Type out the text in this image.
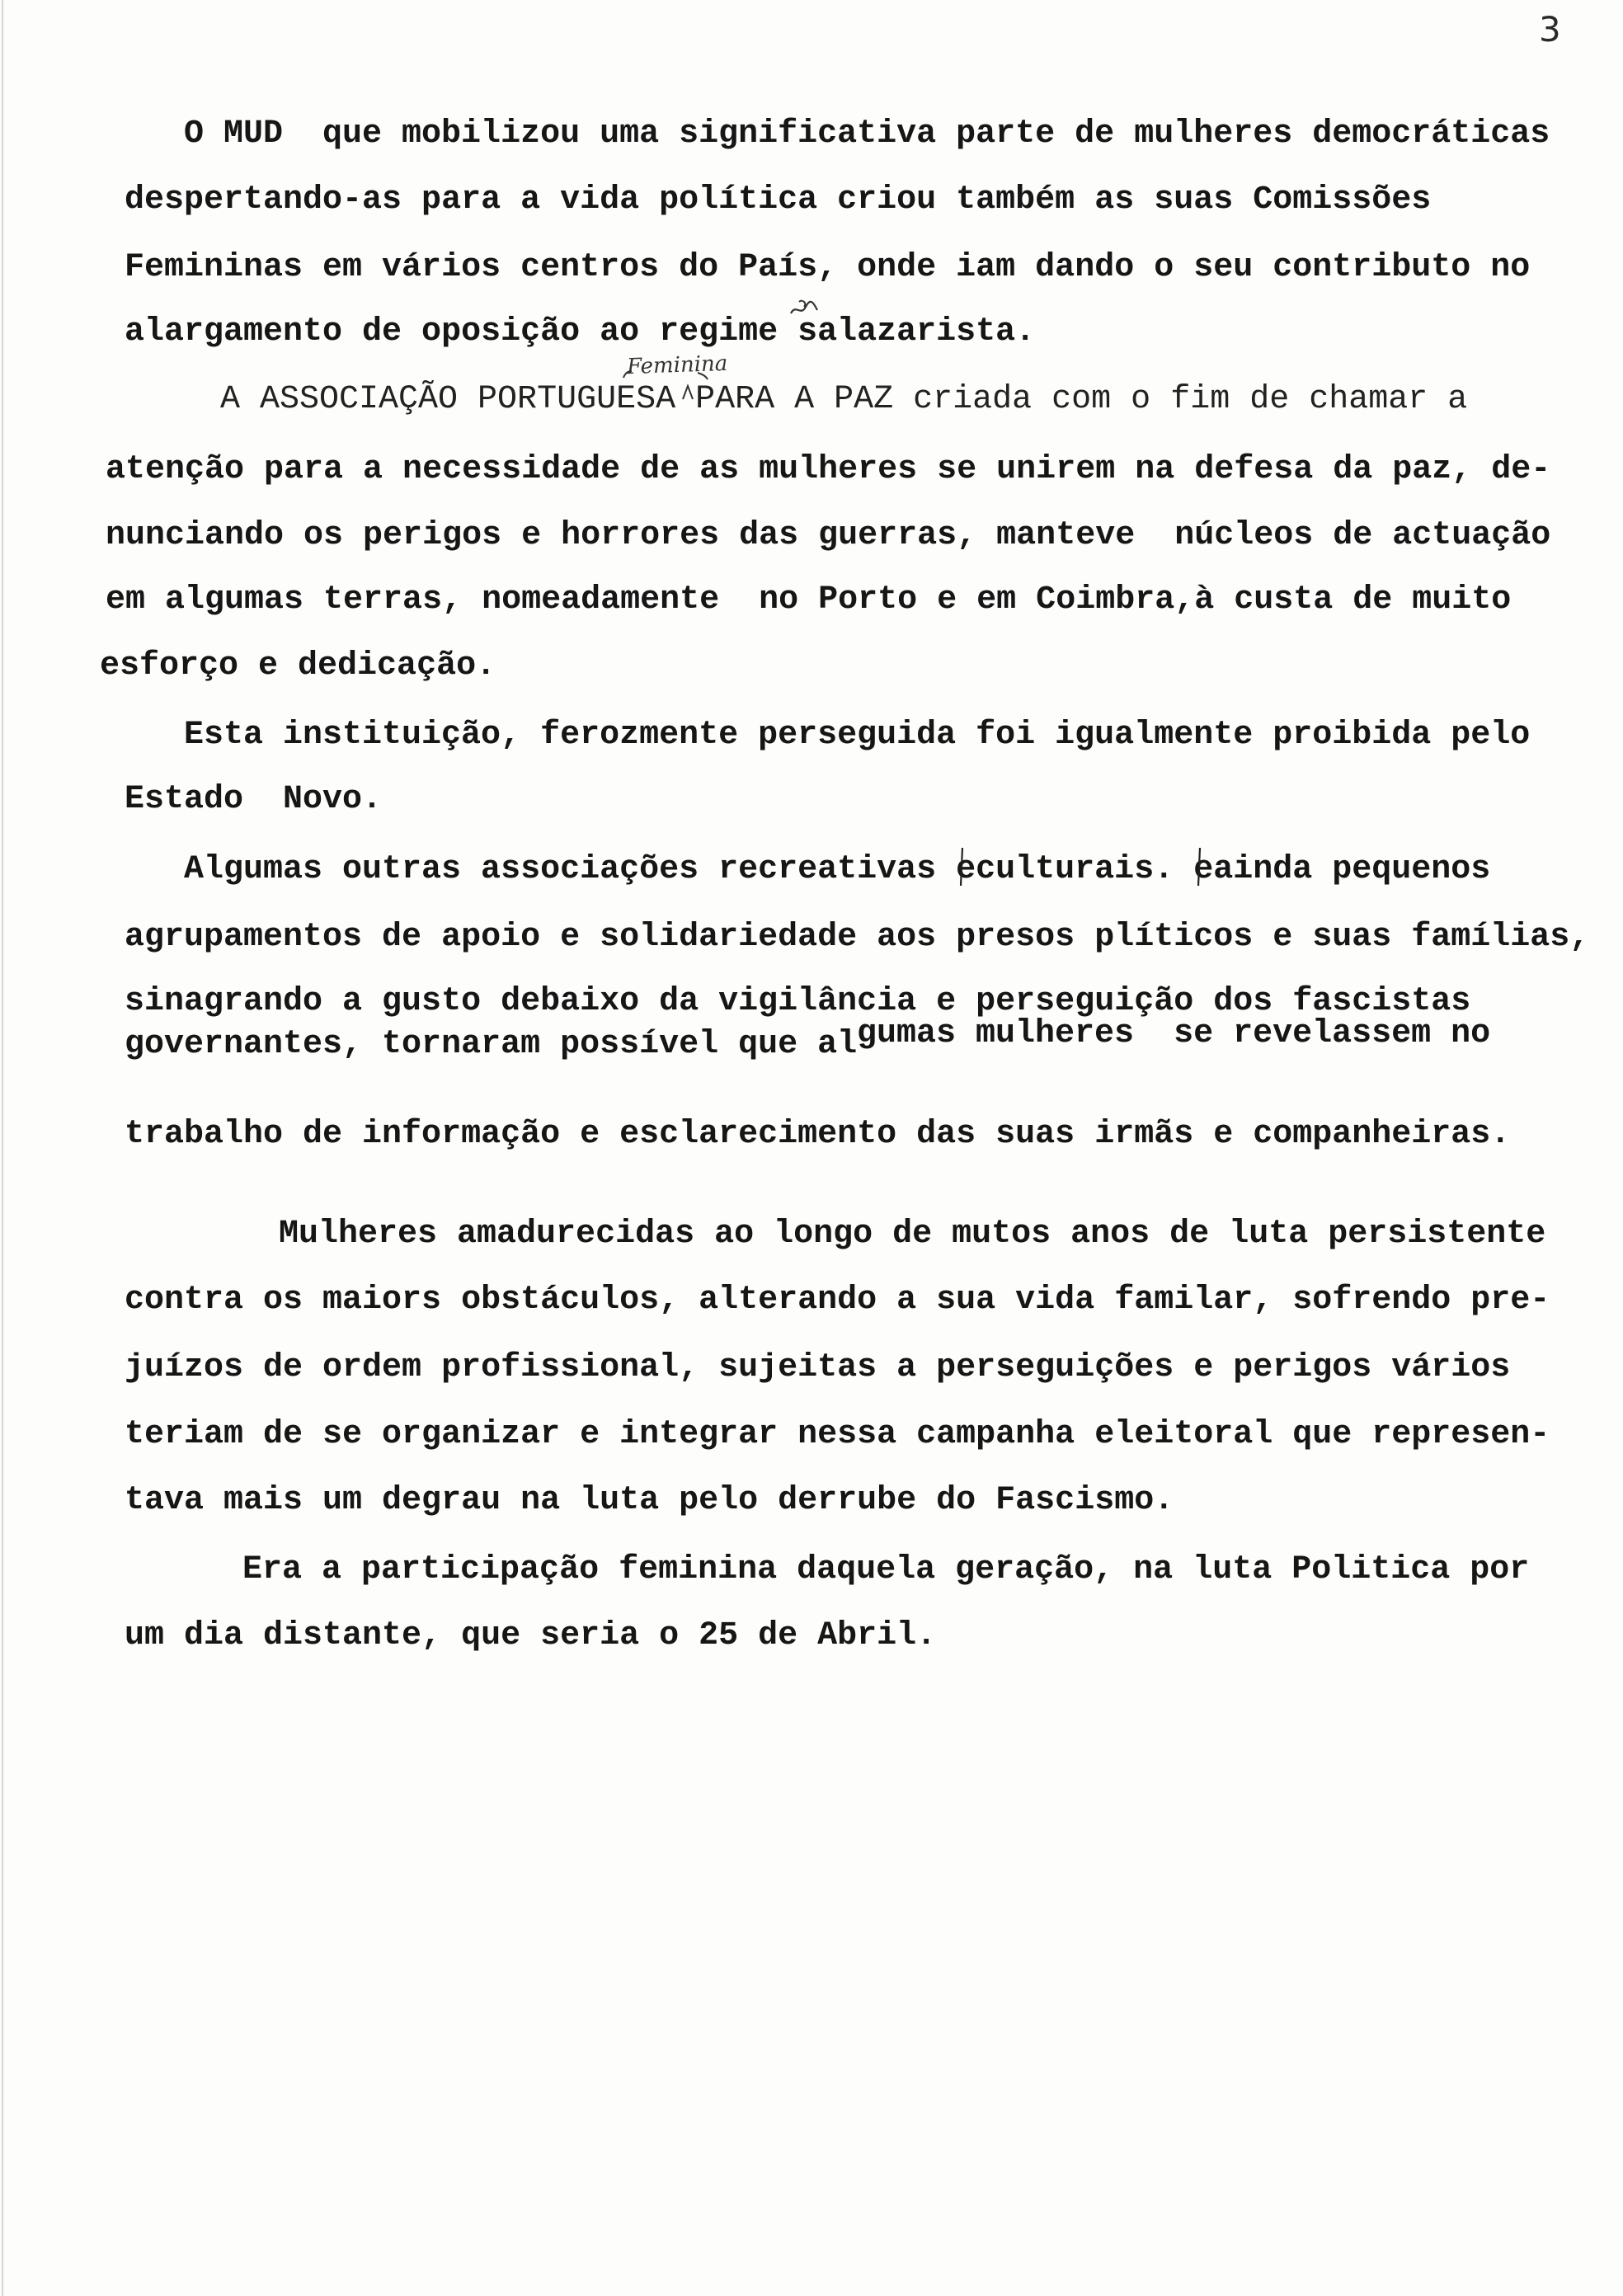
3
O MUD  que mobilizou uma significativa parte de mulheres democráticas
despertando-as para a vida política criou também as suas Comissões
Femininas em vários centros do País, onde iam dando o seu contributo no
alargamento de oposição ao regime salazarista.
Feminina
A ASSOCIAÇÃO PORTUGUESA PARA A PAZ criada com o fim de chamar a
atenção para a necessidade de as mulheres se unirem na defesa da paz, de-
nunciando os perigos e horrores das guerras, manteve  núcleos de actuação
em algumas terras, nomeadamente  no Porto e em Coimbra,à custa de muito
esforço e dedicação.
Esta instituição, ferozmente perseguida foi igualmente proibida pelo
Estado  Novo.
Algumas outras associações recreativas eculturais. eainda pequenos
agrupamentos de apoio e solidariedade aos presos plíticos e suas famílias,
sinagrando a gusto debaixo da vigilância e perseguição dos fascistas
governantes, tornaram possível que al gumas mulheres  se revelassem no
trabalho de informação e esclarecimento das suas irmãs e companheiras.
Mulheres amadurecidas ao longo de mutos anos de luta persistente
contra os maiors obstáculos, alterando a sua vida familar, sofrendo pre-
juízos de ordem profissional, sujeitas a perseguições e perigos vários
teriam de se organizar e integrar nessa campanha eleitoral que represen-
tava mais um degrau na luta pelo derrube do Fascismo.
Era a participação feminina daquela geração, na luta Politica por
um dia distante, que seria o 25 de Abril.
